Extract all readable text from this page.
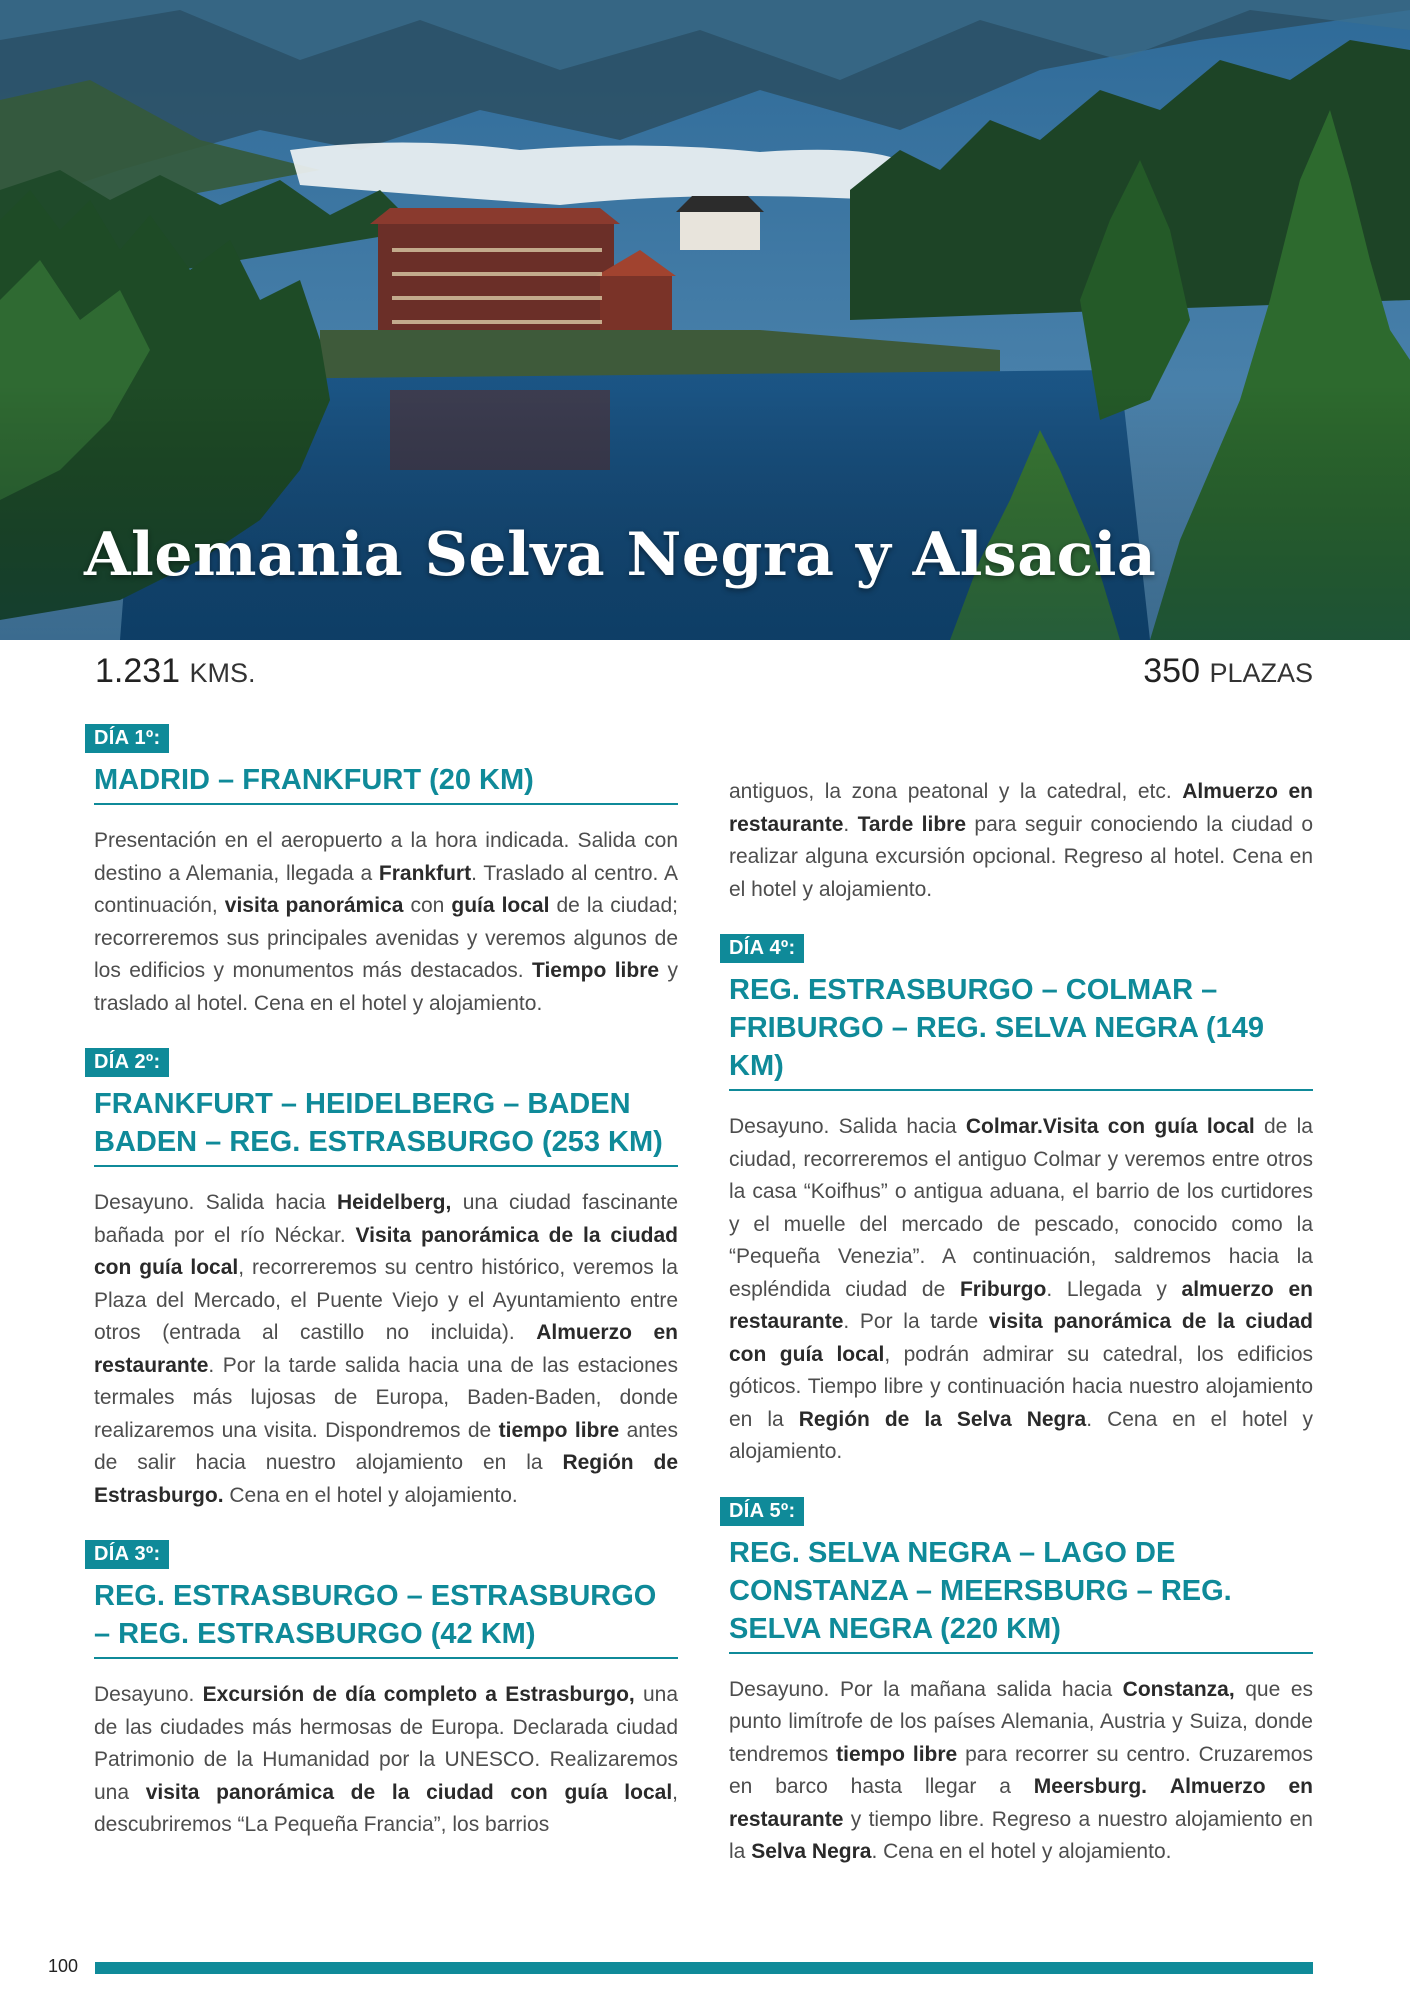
Alemania Selva Negra y Alsacia
1.231 KMS.	350 PLAZAS
DÍA 1º:
MADRID – FRANKFURT (20 KM)

Presentación en el aeropuerto a la hora indicada. Salida con destino a Alemania, llegada a Frankfurt. Traslado al centro. A continuación, visita panorámica con guía local de la ciudad; recorreremos sus principales avenidas y veremos algunos de los edificios y monumentos más destacados. Tiempo libre y traslado al hotel. Cena en el hotel y alojamiento.

DÍA 2º:
FRANKFURT – HEIDELBERG – BADEN BADEN – REG. ESTRASBURGO (253 KM)

Desayuno. Salida hacia Heidelberg, una ciudad fascinante bañada por el río Néckar. Visita panorámica de la ciudad con guía local, recorreremos su centro histórico, veremos la Plaza del Mercado, el Puente Viejo y el Ayuntamiento entre otros (entrada al castillo no incluida). Almuerzo en restaurante. Por la tarde salida hacia una de las estaciones termales más lujosas de Europa, Baden-Baden, donde realizaremos una visita. Dispondremos de tiempo libre antes de salir hacia nuestro alojamiento en la Región de Estrasburgo. Cena en el hotel y alojamiento.

DÍA 3º:
REG. ESTRASBURGO – ESTRASBURGO – REG. ESTRASBURGO (42 KM)

Desayuno. Excursión de día completo a Estrasburgo, una de las ciudades más hermosas de Europa. Declarada ciudad Patrimonio de la Humanidad por la UNESCO. Realizaremos una visita panorámica de la ciudad con guía local, descubriremos “La Pequeña Francia”, los barrios

antiguos, la zona peatonal y la catedral, etc. Almuerzo en restaurante. Tarde libre para seguir conociendo la ciudad o realizar alguna excursión opcional. Regreso al hotel. Cena en el hotel y alojamiento.

DÍA 4º:
REG. ESTRASBURGO – COLMAR – FRIBURGO – REG. SELVA NEGRA (149 KM)

Desayuno. Salida hacia Colmar.Visita con guía local de la ciudad, recorreremos el antiguo Colmar y veremos entre otros la casa “Koifhus” o antigua aduana, el barrio de los curtidores y el muelle del mercado de pescado, conocido como la “Pequeña Venezia”. A continuación, saldremos hacia la espléndida ciudad de Friburgo. Llegada y almuerzo en restaurante. Por la tarde visita panorámica de la ciudad con guía local, podrán admirar su catedral, los edificios góticos. Tiempo libre y continuación hacia nuestro alojamiento en la Región de la Selva Negra. Cena en el hotel y alojamiento.

DÍA 5º:
REG. SELVA NEGRA – LAGO DE CONSTANZA – MEERSBURG – REG. SELVA NEGRA (220 KM)

Desayuno. Por la mañana salida hacia Constanza, que es punto limítrofe de los países Alemania, Austria y Suiza, donde tendremos tiempo libre para recorrer su centro. Cruzaremos en barco hasta llegar a Meersburg. Almuerzo en restaurante y tiempo libre. Regreso a nuestro alojamiento en la Selva Negra. Cena en el hotel y alojamiento.

100
